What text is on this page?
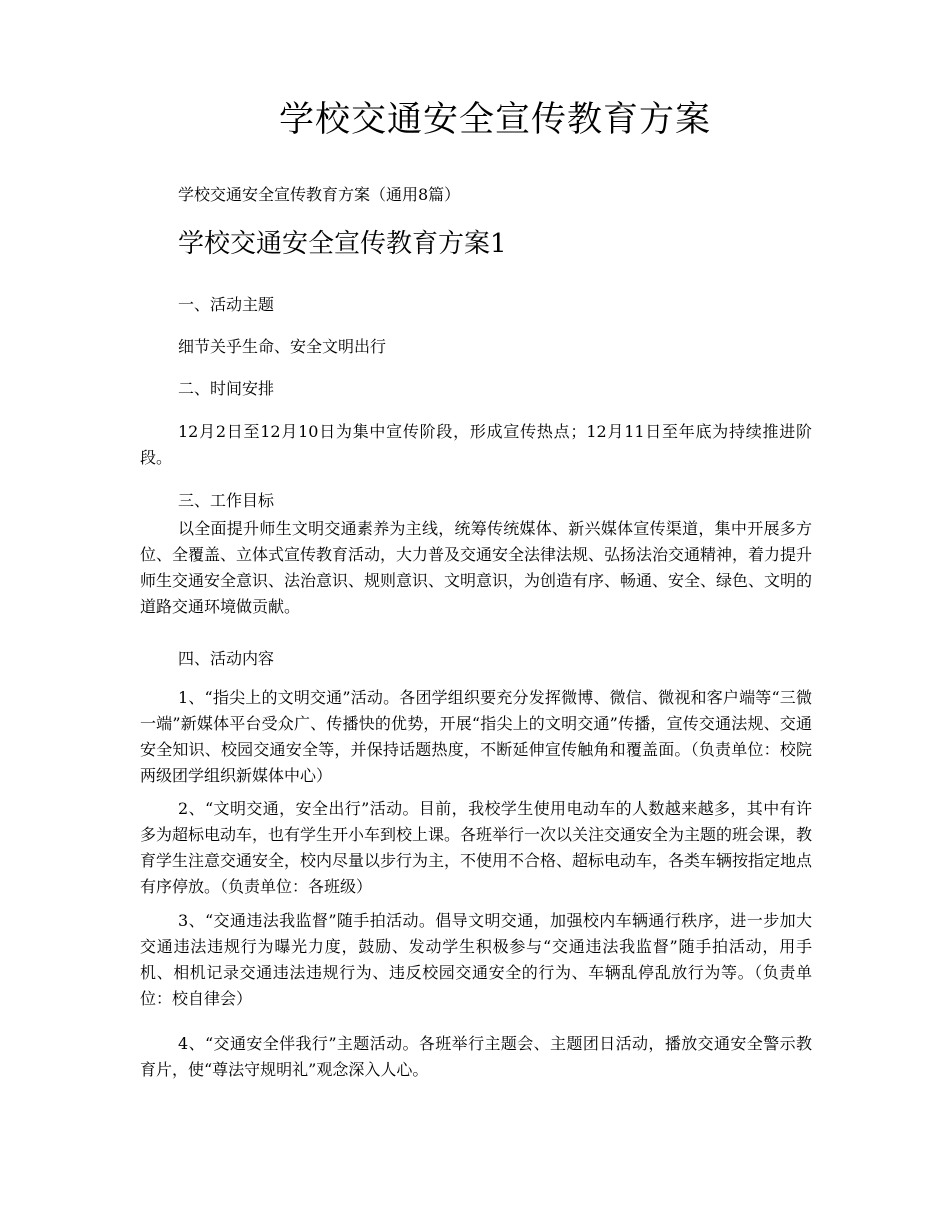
学校交通安全宣传教育方案

学校交通安全宣传教育方案（通用8篇）

学校交通安全宣传教育方案1

一、活动主题

细节关乎生命、安全文明出行

二、时间安排

12月2日至12月10日为集中宣传阶段，形成宣传热点；12月11日至年底为持续推进阶段。

三、工作目标

以全面提升师生文明交通素养为主线，统筹传统媒体、新兴媒体宣传渠道，集中开展多方位、全覆盖、立体式宣传教育活动，大力普及交通安全法律法规、弘扬法治交通精神，着力提升师生交通安全意识、法治意识、规则意识、文明意识，为创造有序、畅通、安全、绿色、文明的道路交通环境做贡献。

四、活动内容

1、“指尖上的文明交通”活动。各团学组织要充分发挥微博、微信、微视和客户端等“三微一端”新媒体平台受众广、传播快的优势，开展“指尖上的文明交通”传播，宣传交通法规、交通安全知识、校园交通安全等，并保持话题热度，不断延伸宣传触角和覆盖面。（负责单位：校院两级团学组织新媒体中心）

2、“文明交通，安全出行”活动。目前，我校学生使用电动车的人数越来越多，其中有许多为超标电动车，也有学生开小车到校上课。各班举行一次以关注交通安全为主题的班会课，教育学生注意交通安全，校内尽量以步行为主，不使用不合格、超标电动车，各类车辆按指定地点有序停放。（负责单位：各班级）

3、“交通违法我监督”随手拍活动。倡导文明交通，加强校内车辆通行秩序，进一步加大交通违法违规行为曝光力度，鼓励、发动学生积极参与“交通违法我监督”随手拍活动，用手机、相机记录交通违法违规行为、违反校园交通安全的行为、车辆乱停乱放行为等。（负责单位：校自律会）

4、“交通安全伴我行”主题活动。各班举行主题会、主题团日活动，播放交通安全警示教育片，使“尊法守规明礼”观念深入人心。
